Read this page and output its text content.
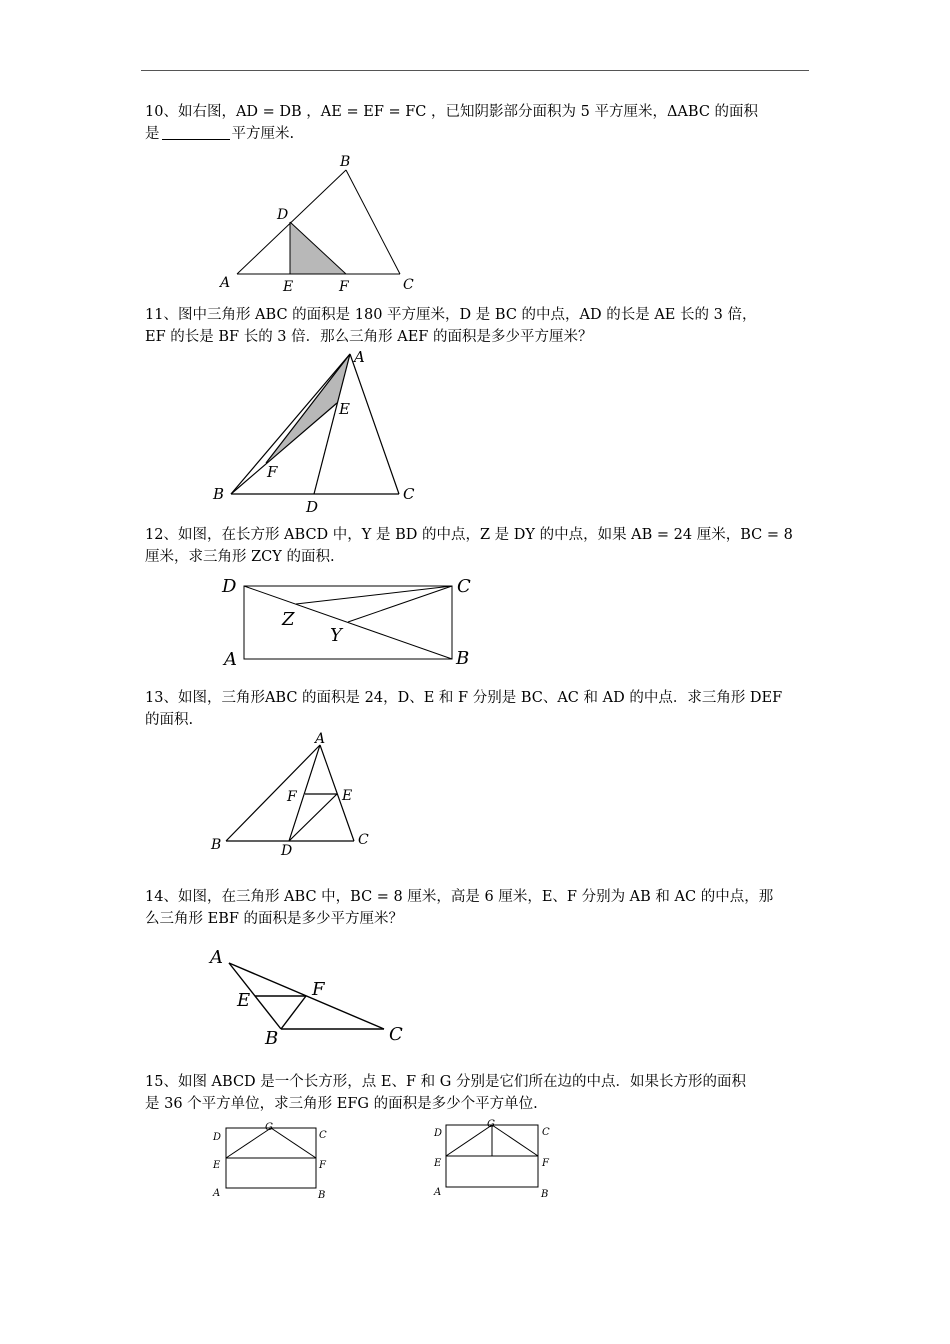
10、如右图，AD = DB ，AE = EF = FC ，已知阴影部分面积为 5 平方厘米，ΔABC 的面积
是	平方厘米.
B
D
A	E	F	C
11、图中三角形 ABC 的面积是 180 平方厘米，D 是 BC 的中点，AD 的长是 AE 长的 3 倍，
EF 的长是 BF 长的 3 倍．那么三角形 AEF 的面积是多少平方厘米？
A
E
F
B	C
D
12、如图，在长方形 ABCD 中，Y 是 BD 的中点，Z 是 DY 的中点，如果 AB = 24 厘米，BC = 8
厘米，求三角形 ZCY 的面积.
D	C
Z
Y
A	B
13、如图，三角形ABC 的面积是 24，D、E 和 F 分别是 BC、AC 和 AD 的中点．求三角形 DEF
的面积.
A
F	E
B	C
D
14、如图，在三角形 ABC 中，BC = 8 厘米，高是 6 厘米，E、F 分别为 AB 和 AC 的中点，那
么三角形 EBF 的面积是多少平方厘米？
A
F
E
B	C
15、如图 ABCD 是一个长方形，点 E、F 和 G 分别是它们所在边的中点．如果长方形的面积
是 36 个平方单位，求三角形 EFG 的面积是多少个平方单位.
D
G
C
E	F
A	B
D
G
C
E	F
A	B
